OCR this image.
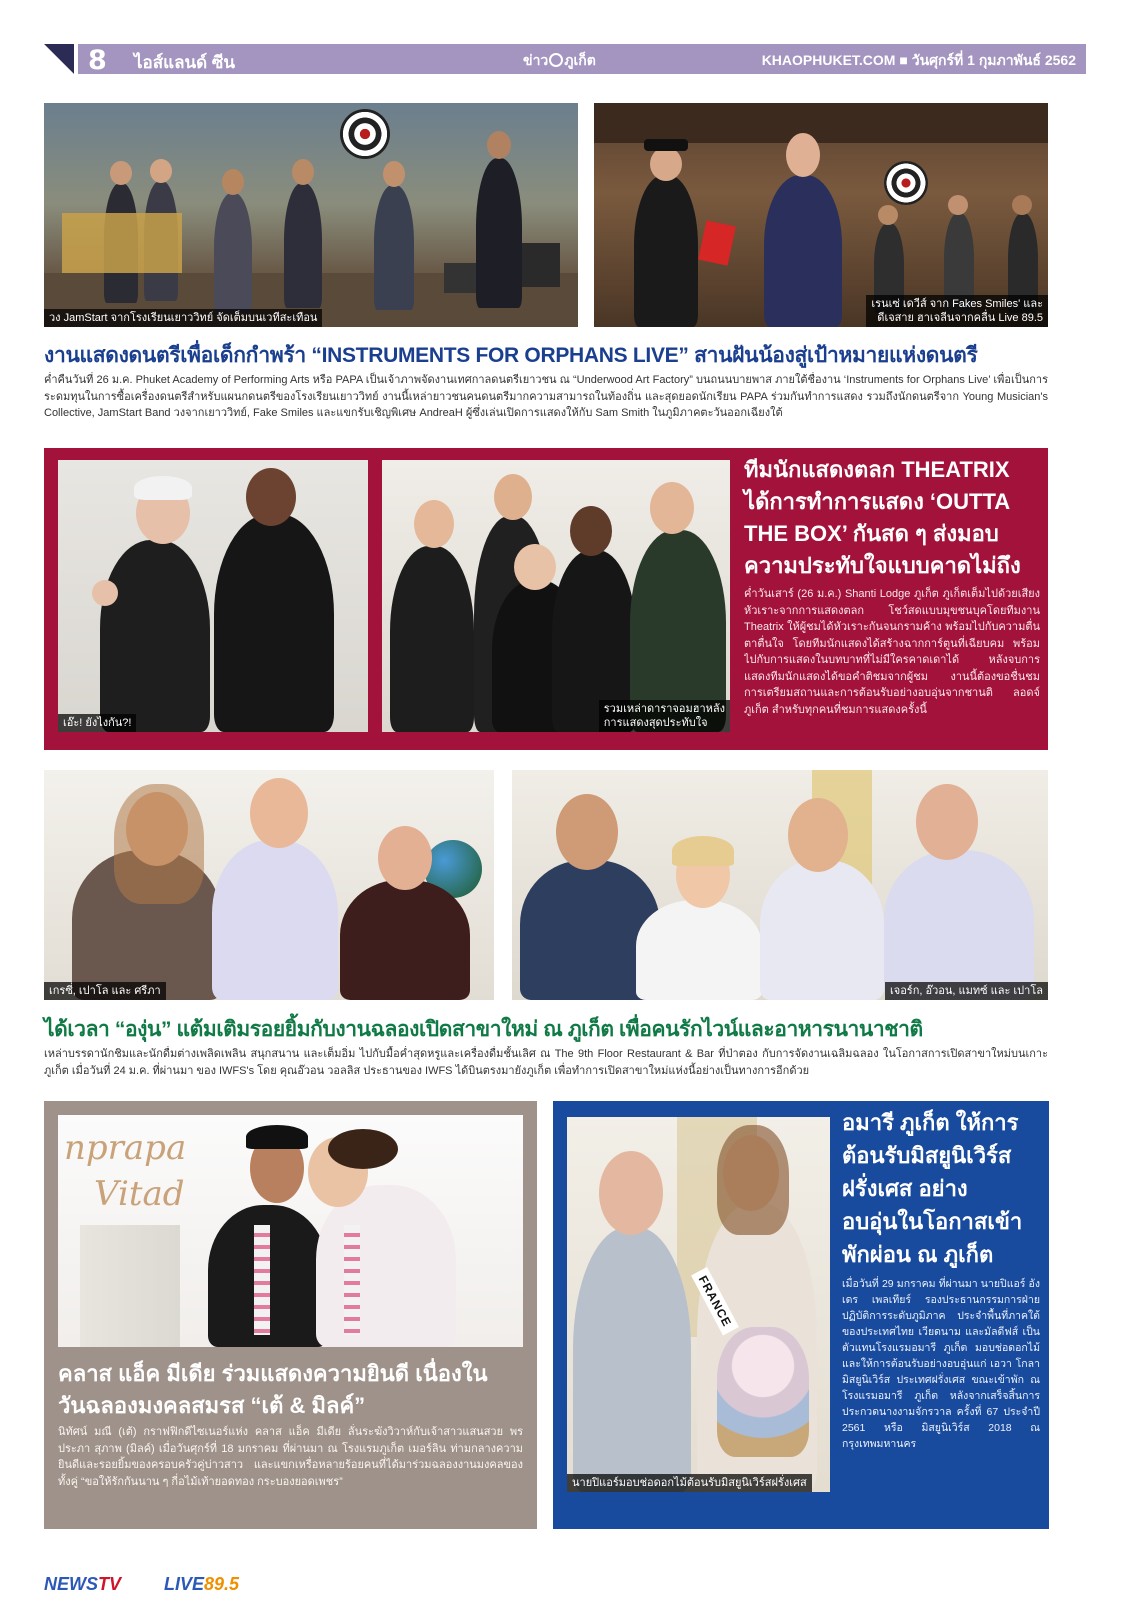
8 ไอส์แลนด์ ซีน	ข่าว ภูเก็ต	KHAOPHUKET.COM ■ วันศุกร์ที่ 1 กุมภาพันธ์ 2562
วง JamStart จากโรงเรียนเยาววิทย์ จัดเต็มบนเวทีสะเทือน
เรนเซ่ เดวีส์ จาก Fakes Smiles' และ
ดีเจสาย ฮาเจลีนจากคลื่น Live 89.5
งานแสดงดนตรีเพื่อเด็กกำพร้า “INSTRUMENTS FOR ORPHANS LIVE” สานฝันน้องสู่เป้าหมายแห่งดนตรี
ค่ำคืนวันที่ 26 ม.ค. Phuket Academy of Performing Arts หรือ PAPA เป็นเจ้าภาพจัดงานเทศกาลดนตรีเยาวชน ณ “Underwood Art Factory” บนถนนบายพาส ภายใต้ชื่องาน ‘Instruments for Orphans Live’ เพื่อเป็นการระดมทุนในการซื้อเครื่องดนตรีสำหรับแผนกดนตรีของโรงเรียนเยาววิทย์ งานนี้เหล่ายาวชนคนดนตรีมากความสามารถในท้องถิ่น และสุดยอดนักเรียน PAPA ร่วมกันทำการแสดง รวมถึงนักดนตรีจาก Young Musician's Collective, JamStart Band วงจากเยาววิทย์, Fake Smiles และแขกรับเชิญพิเศษ AndreaH ผู้ซึ่งเล่นเปิดการแสดงให้กับ Sam Smith ในภูมิภาคตะวันออกเฉียงใต้
เอ๊ะ! ยังไงกัน?!
รวมเหล่าดาราจอมฮาหลัง
การแสดงสุดประทับใจ
ทีมนักแสดงตลก THEATRIX
ได้การทำการแสดง ‘OUTTA
THE BOX’ กันสด ๆ ส่งมอบ
ความประทับใจแบบคาดไม่ถึง
ค่ำวันเสาร์ (26 ม.ค.) Shanti Lodge ภูเก็ต ภูเก็ตเต็มไปด้วยเสียงหัวเราะจากการแสดงตลก โชว์สดแบบมุขชนบุคโดยทีมงาน Theatrix ให้ผู้ชมได้หัวเราะกันจนกรามค้าง พร้อมไปกับความตื่นตาตื่นใจ โดยทีมนักแสดงได้สร้างฉากการ์ตูนที่เฉียบคม พร้อมไปกับการแสดงในบทบาทที่ไม่มีใครคาดเดาได้ หลังจบการแสดงทีมนักแสดงได้ขอคำติชมจากผู้ชม งานนี้ต้องขอชื่นชมการเตรียมสถานและการต้อนรับอย่างอบอุ่นจากชานติ ลอดจ์ ภูเก็ต สำหรับทุกคนที่ชมการแสดงครั้งนี้
เกรซี่, เปาโล และ ศรีภา	เจอร์ก, อ๊วอน, แมทซ์ และ เปาโล
ได้เวลา “องุ่น” แต้มเติมรอยยิ้มกับงานฉลองเปิดสาขาใหม่ ณ ภูเก็ต เพื่อคนรักไวน์และอาหารนานาชาติ
เหล่าบรรดานักชิมและนักดื่มต่างเพลิดเพลิน สนุกสนาน และเต็มอิ่ม ไปกับมื้อค่ำสุดหรูและเครื่องดื่มชั้นเลิศ ณ The 9th Floor Restaurant & Bar ที่ป่าตอง กับการจัดงานเฉลิมฉลอง ในโอกาสการเปิดสาขาใหม่บนเกาะภูเก็ต เมื่อวันที่ 24 ม.ค. ที่ผ่านมา ของ IWFS's โดย คุณอ๊วอน วอลลิส ประธานของ IWFS ได้บินตรงมายังภูเก็ต เพื่อทำการเปิดสาขาใหม่แห่งนี้อย่างเป็นทางการอีกด้วย
nprapa
Vitad
คลาส แอ็ค มีเดีย ร่วมแสดงความยินดี เนื่องใน
วันฉลองมงคลสมรส “เต้ & มิลค์”
นิทัศน์ มณี (เต้) กราฟฟิกดีไซเนอร์แห่ง คลาส แอ็ค มีเดีย ลั่นระฆังวิวาห์กับเจ้าสาวแสนสวย พรประภา สุภาพ (มิลค์) เมื่อวันศุกร์ที่ 18 มกราคม ที่ผ่านมา ณ โรงแรมภูเก็ต เมอร์ลิน ท่ามกลางความยินดีและรอยยิ้มของครอบครัวคู่บ่าวสาว และแขกเหรื่อหลายร้อยคนที่ได้มาร่วมฉลองงานมงคลของทั้งคู่ “ขอให้รักกันนาน ๆ กี่อไม้เท้ายอดทอง กระบองยอดเพชร”
FRANCE
นายปิแอร์มอบช่อดอกไม้ต้อนรับมิสยูนิเวิร์สฝรั่งเศส
อมารี ภูเก็ต ให้การ
ต้อนรับมิสยูนิเวิร์ส
ฝรั่งเศส อย่าง
อบอุ่นในโอกาสเข้า
พักผ่อน ณ ภูเก็ต
เมื่อวันที่ 29 มกราคม ที่ผ่านมา นายปิแอร์ อังเดร เพลเทียร์ รองประธานกรรมการฝ่ายปฏิบัติการระดับภูมิภาค ประจำพื้นที่ภาคใต้ของประเทศไทย เวียดนาม และมัลดีฟส์ เป็นตัวแทนโรงแรมอมารี ภูเก็ต มอบช่อดอกไม้และให้การต้อนรับอย่างอบอุ่นแก่ เอวา โกลา มิสยูนิเวิร์ส ประเทศฝรั่งเศส ขณะเข้าพัก ณ โรงแรมอมารี ภูเก็ต หลังจากเสร็จสิ้นการประกวดนางงามจักรวาล ครั้งที่ 67 ประจำปี 2561 หรือ มิสยูนิเวิร์ส 2018 ณ กรุงเทพมหานคร
NEWSTV LIVE89.5
